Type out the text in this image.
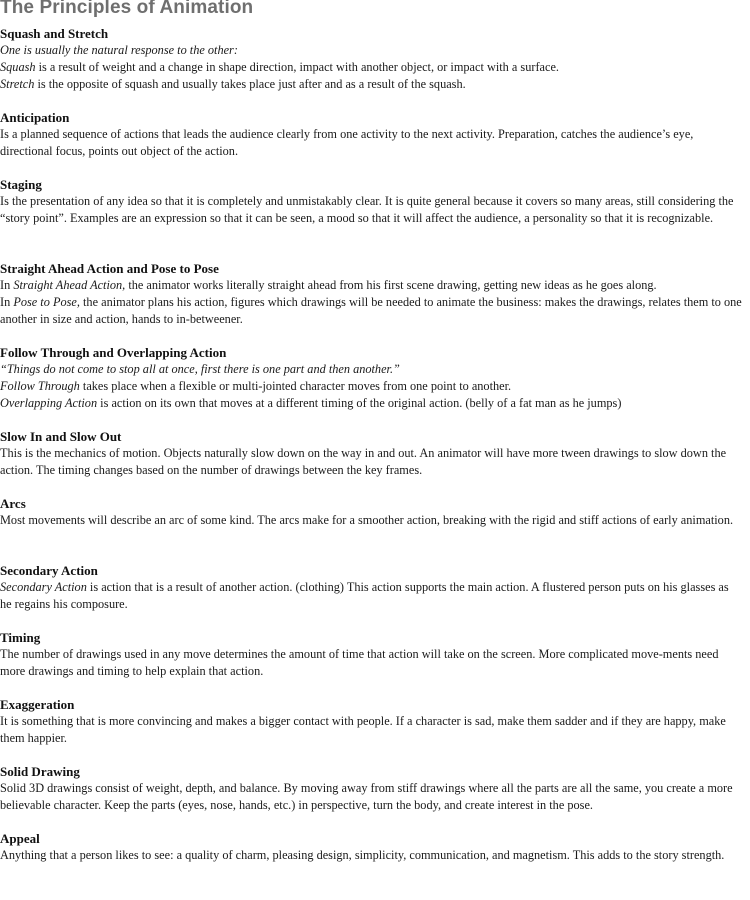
The Principles of Animation
Squash and Stretch

One is usually the natural response to the other:

Squash is a result of weight and a change in shape direction, impact with another object, or impact with a surface.

Stretch is the opposite of squash and usually takes place just after and as a result of the squash.

Anticipation

Is a planned sequence of actions that leads the audience clearly from one activity to the next activity. Preparation, catches the audience’s eye, directional focus, points out object of the action.

Staging

Is the presentation of any idea so that it is completely and unmistakably clear. It is quite general because it covers so many areas, still considering the “story point”. Examples are an expression so that it can be seen, a mood so that it will affect the audience, a personality so that it is recognizable.

Straight Ahead Action and Pose to Pose

In Straight Ahead Action, the animator works literally straight ahead from his first scene drawing, getting new ideas as he goes along.

In Pose to Pose, the animator plans his action, figures which drawings will be needed to animate the business: makes the drawings, relates them to one another in size and action, hands to in-betweener.

Follow Through and Overlapping Action

“Things do not come to stop all at once, first there is one part and then another.”

Follow Through takes place when a flexible or multi-jointed character moves from one point to another.

Overlapping Action is action on its own that moves at a different timing of the original action. (belly of a fat man as he jumps)

Slow In and Slow Out

This is the mechanics of motion. Objects naturally slow down on the way in and out. An animator will have more tween drawings to slow down the action. The timing changes based on the number of drawings between the key frames.

Arcs

Most movements will describe an arc of some kind. The arcs make for a smoother action, breaking with the rigid and stiff actions of early animation.

Secondary Action

Secondary Action is action that is a result of another action. (clothing) This action supports the main action. A flustered person puts on his glasses as he regains his composure.

Timing

The number of drawings used in any move determines the amount of time that action will take on the screen. More complicated move-ments need more drawings and timing to help explain that action.

Exaggeration

It is something that is more convincing and makes a bigger contact with people. If a character is sad, make them sadder and if they are happy, make them happier.

Solid Drawing

Solid 3D drawings consist of weight, depth, and balance. By moving away from stiff drawings where all the parts are all the same, you create a more believable character. Keep the parts (eyes, nose, hands, etc.) in perspective, turn the body, and create interest in the pose.

Appeal

Anything that a person likes to see: a quality of charm, pleasing design, simplicity, communication, and magnetism. This adds to the story strength.
